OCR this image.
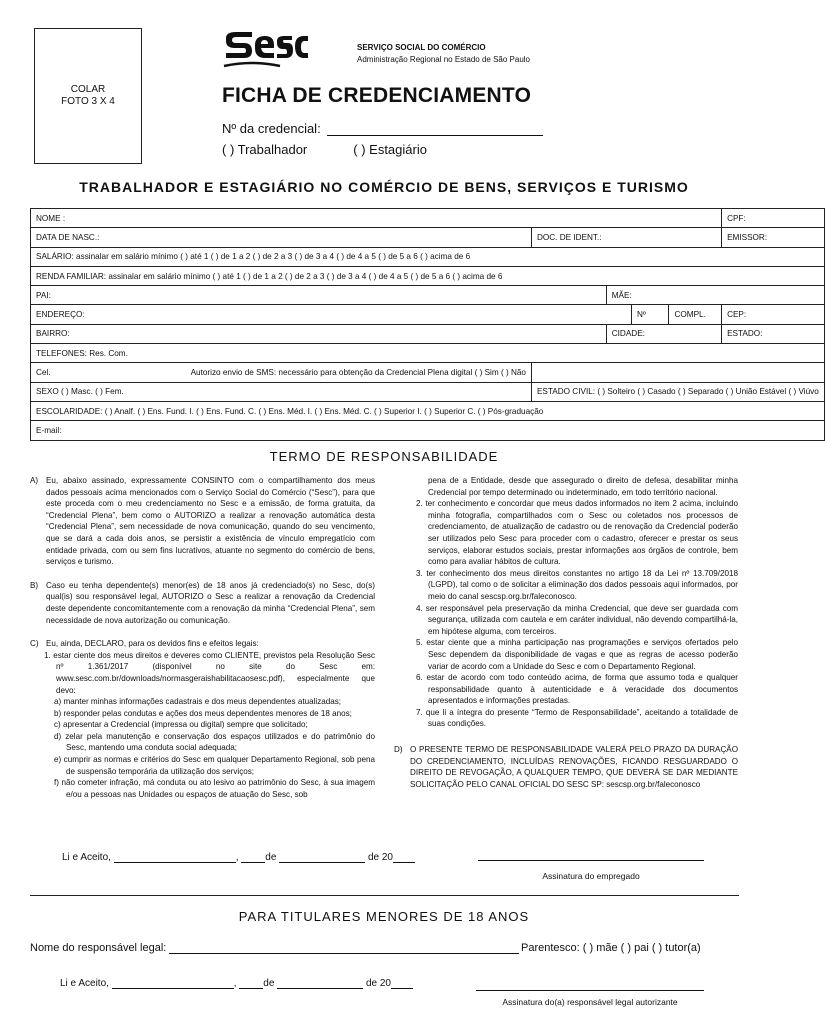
COLAR
FOTO 3 X 4
SERVIÇO SOCIAL DO COMÉRCIO
Administração Regional no Estado de São Paulo
FICHA DE CREDENCIAMENTO
Nº da credencial:
( ) Trabalhador	( ) Estagiário
TRABALHADOR E ESTAGIÁRIO NO COMÉRCIO DE BENS, SERVIÇOS E TURISMO
NOME :					CPF:
DATA DE NASC.:	DOC. DE IDENT.:				EMISSOR:
SALÁRIO: assinalar em salário mínimo ( ) até 1 ( ) de 1 a 2 ( ) de 2 a 3 ( ) de 3 a 4 ( ) de 4 a 5 ( ) de 5 a 6 ( ) acima de 6					
RENDA FAMILIAR: assinalar em salário mínimo ( ) até 1 ( ) de 1 a 2 ( ) de 2 a 3 ( ) de 3 a 4 ( ) de 4 a 5 ( ) de 5 a 6 ( ) acima de 6					
PAI:		MÃE:			
ENDEREÇO:			Nº	COMPL.	CEP:
BAIRRO:		CIDADE:			ESTADO:
TELEFONES: Res. Com.					
Cel. Autorizo envio de SMS: necessário para obtenção da Credencial Plena digital ( ) Sim ( ) Não					
SEXO ( ) Masc. ( ) Fem.	ESTADO CIVIL: ( ) Solteiro ( ) Casado ( ) Separado ( ) União Estável ( ) Viúvo				
ESCOLARIDADE: ( ) Analf. ( ) Ens. Fund. I. ( ) Ens. Fund. C. ( ) Ens. Méd. I. ( ) Ens. Méd. C. ( ) Superior I. ( ) Superior C. ( ) Pós-graduação					
E-mail:					
TERMO DE RESPONSABILIDADE
A) Eu, abaixo assinado, expressamente CONSINTO com o compartilhamento dos meus dados pessoais acima mencionados com o Serviço Social do Comércio (“Sesc”), para que este proceda com o meu credenciamento no Sesc e a emissão, de forma gratuita, da “Credencial Plena”, bem como o AUTORIZO a realizar a renovação automática desta “Credencial Plena”, sem necessidade de nova comunicação, quando do seu vencimento, que se dará a cada dois anos, se persistir a existência de vínculo empregatício com entidade privada, com ou sem fins lucrativos, atuante no segmento do comércio de bens, serviços e turismo.
B) Caso eu tenha dependente(s) menor(es) de 18 anos já credenciado(s) no Sesc, do(s) qual(is) sou responsável legal, AUTORIZO o Sesc a realizar a renovação da Credencial deste dependente concomitantemente com a renovação da minha “Credencial Plena”, sem necessidade de nova autorização ou comunicação.
C) Eu, ainda, DECLARO, para os devidos fins e efeitos legais:
1. estar ciente dos meus direitos e deveres como CLIENTE, previstos pela Resolução Sesc nº 1.361/2017 (disponível no site do Sesc em: www.sesc.com.br/downloads/normasgeraishabilitacaosesc.pdf), especialmente que devo:
a) manter minhas informações cadastrais e dos meus dependentes atualizadas;
b) responder pelas condutas e ações dos meus dependentes menores de 18 anos;
c) apresentar a Credencial (impressa ou digital) sempre que solicitado;
d) zelar pela manutenção e conservação dos espaços utilizados e do patrimônio do Sesc, mantendo uma conduta social adequada;
e) cumprir as normas e critérios do Sesc em qualquer Departamento Regional, sob pena de suspensão temporária da utilização dos serviços;
f) não cometer infração, má conduta ou ato lesivo ao patrimônio do Sesc, à sua imagem e/ou a pessoas nas Unidades ou espaços de atuação do Sesc, sob
pena de a Entidade, desde que assegurado o direito de defesa, desabilitar minha Credencial por tempo determinado ou indeterminado, em todo território nacional.
2. ter conhecimento e concordar que meus dados informados no item 2 acima, incluindo minha fotografia, compartilhados com o Sesc ou coletados nos processos de credenciamento, de atualização de cadastro ou de renovação da Credencial poderão ser utilizados pelo Sesc para proceder com o cadastro, oferecer e prestar os seus serviços, elaborar estudos sociais, prestar informações aos órgãos de controle, bem como para avaliar hábitos de cultura.
3. ter conhecimento dos meus direitos constantes no artigo 18 da Lei nº 13.709/2018 (LGPD), tal como o de solicitar a eliminação dos dados pessoais aqui informados, por meio do canal sescsp.org.br/faleconosco.
4. ser responsável pela preservação da minha Credencial, que deve ser guardada com segurança, utilizada com cautela e em caráter individual, não devendo compartilhá-la, em hipótese alguma, com terceiros.
5. estar ciente que a minha participação nas programações e serviços ofertados pelo Sesc dependem da disponibilidade de vagas e que as regras de acesso poderão variar de acordo com a Unidade do Sesc e com o Departamento Regional.
6. estar de acordo com todo conteúdo acima, de forma que assumo toda e qualquer responsabilidade quanto à autenticidade e à veracidade dos documentos apresentados e informações prestadas.
7. que li a íntegra do presente “Termo de Responsabilidade”, aceitando a totalidade de suas condições.
D) O PRESENTE TERMO DE RESPONSABILIDADE VALERÁ PELO PRAZO DA DURAÇÃO DO CREDENCIAMENTO, INCLUÍDAS RENOVAÇÕES, FICANDO RESGUARDADO O DIREITO DE REVOGAÇÃO, A QUALQUER TEMPO, QUE DEVERÁ SE DAR MEDIANTE SOLICITAÇÃO PELO CANAL OFICIAL DO SESC SP: sescsp.org.br/faleconosco
Li e Aceito,	, de	de 20
Assinatura do empregado
PARA TITULARES MENORES DE 18 ANOS
Nome do responsável legal:	Parentesco: ( ) mãe ( ) pai ( ) tutor(a)
Li e Aceito,	, de	de 20
Assinatura do(a) responsável legal autorizante
